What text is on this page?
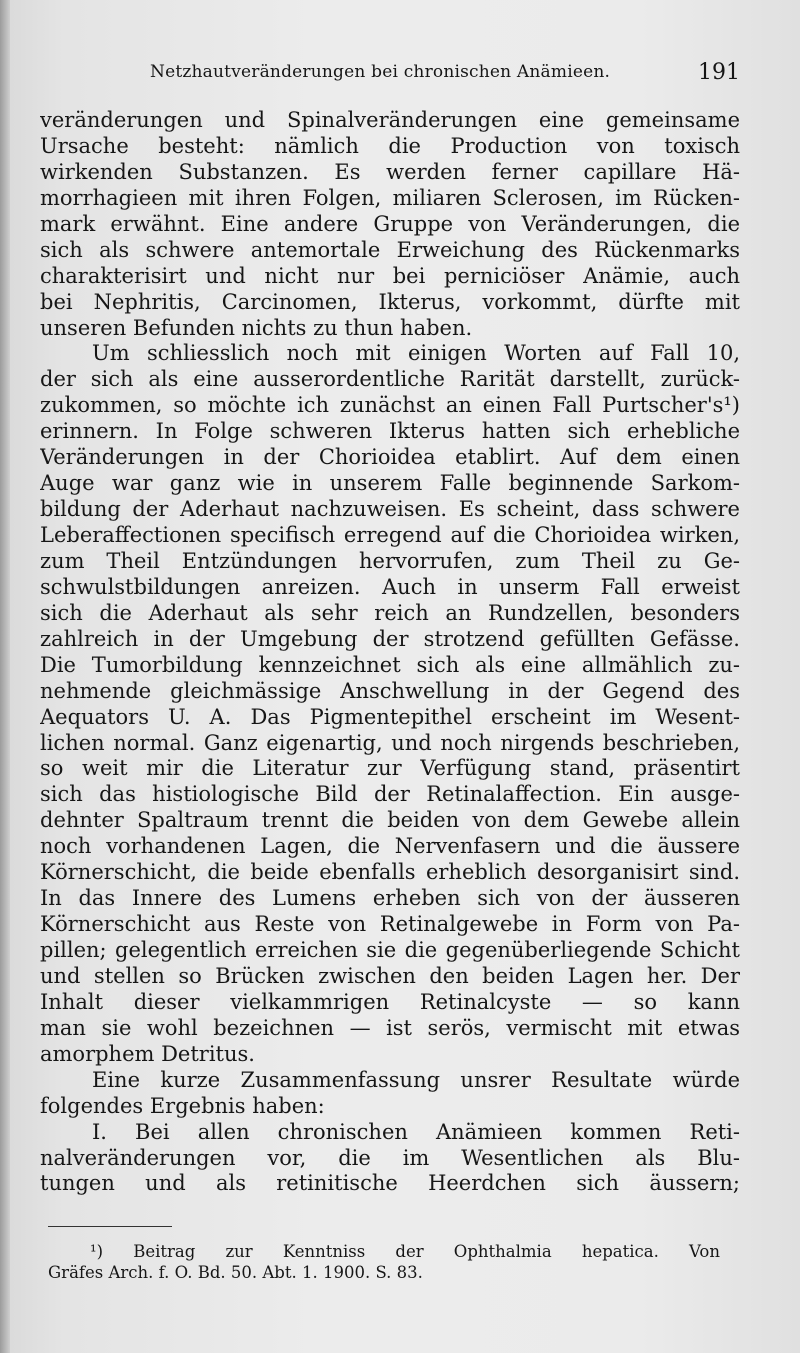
Netzhautveränderungen bei chronischen Anämieen.	191
veränderungen und Spinalveränderungen eine gemeinsame
Ursache besteht: nämlich die Production von toxisch
wirkenden Substanzen. Es werden ferner capillare Hä-
morrhagieen mit ihren Folgen, miliaren Sclerosen, im Rücken-
mark erwähnt. Eine andere Gruppe von Veränderungen, die
sich als schwere antemortale Erweichung des Rückenmarks
charakterisirt und nicht nur bei perniciöser Anämie, auch
bei Nephritis, Carcinomen, Ikterus, vorkommt, dürfte mit
unseren Befunden nichts zu thun haben.
Um schliesslich noch mit einigen Worten auf Fall 10,
der sich als eine ausserordentliche Rarität darstellt, zurück-
zukommen, so möchte ich zunächst an einen Fall Purtscher's¹)
erinnern. In Folge schweren Ikterus hatten sich erhebliche
Veränderungen in der Chorioidea etablirt. Auf dem einen
Auge war ganz wie in unserem Falle beginnende Sarkom-
bildung der Aderhaut nachzuweisen. Es scheint, dass schwere
Leberaffectionen specifisch erregend auf die Chorioidea wirken,
zum Theil Entzündungen hervorrufen, zum Theil zu Ge-
schwulstbildungen anreizen. Auch in unserm Fall erweist
sich die Aderhaut als sehr reich an Rundzellen, besonders
zahlreich in der Umgebung der strotzend gefüllten Gefässe.
Die Tumorbildung kennzeichnet sich als eine allmählich zu-
nehmende gleichmässige Anschwellung in der Gegend des
Aequators U. A. Das Pigmentepithel erscheint im Wesent-
lichen normal. Ganz eigenartig, und noch nirgends beschrieben,
so weit mir die Literatur zur Verfügung stand, präsentirt
sich das histiologische Bild der Retinalaffection. Ein ausge-
dehnter Spaltraum trennt die beiden von dem Gewebe allein
noch vorhandenen Lagen, die Nervenfasern und die äussere
Körnerschicht, die beide ebenfalls erheblich desorganisirt sind.
In das Innere des Lumens erheben sich von der äusseren
Körnerschicht aus Reste von Retinalgewebe in Form von Pa-
pillen; gelegentlich erreichen sie die gegenüberliegende Schicht
und stellen so Brücken zwischen den beiden Lagen her. Der
Inhalt dieser vielkammrigen Retinalcyste — so kann
man sie wohl bezeichnen — ist serös, vermischt mit etwas
amorphem Detritus.
Eine kurze Zusammenfassung unsrer Resultate würde
folgendes Ergebnis haben:
I. Bei allen chronischen Anämieen kommen Reti-
nalveränderungen vor, die im Wesentlichen als Blu-
tungen und als retinitische Heerdchen sich äussern;
¹) Beitrag zur Kenntniss der Ophthalmia hepatica. Von
Gräfes Arch. f. O. Bd. 50. Abt. 1. 1900. S. 83.
